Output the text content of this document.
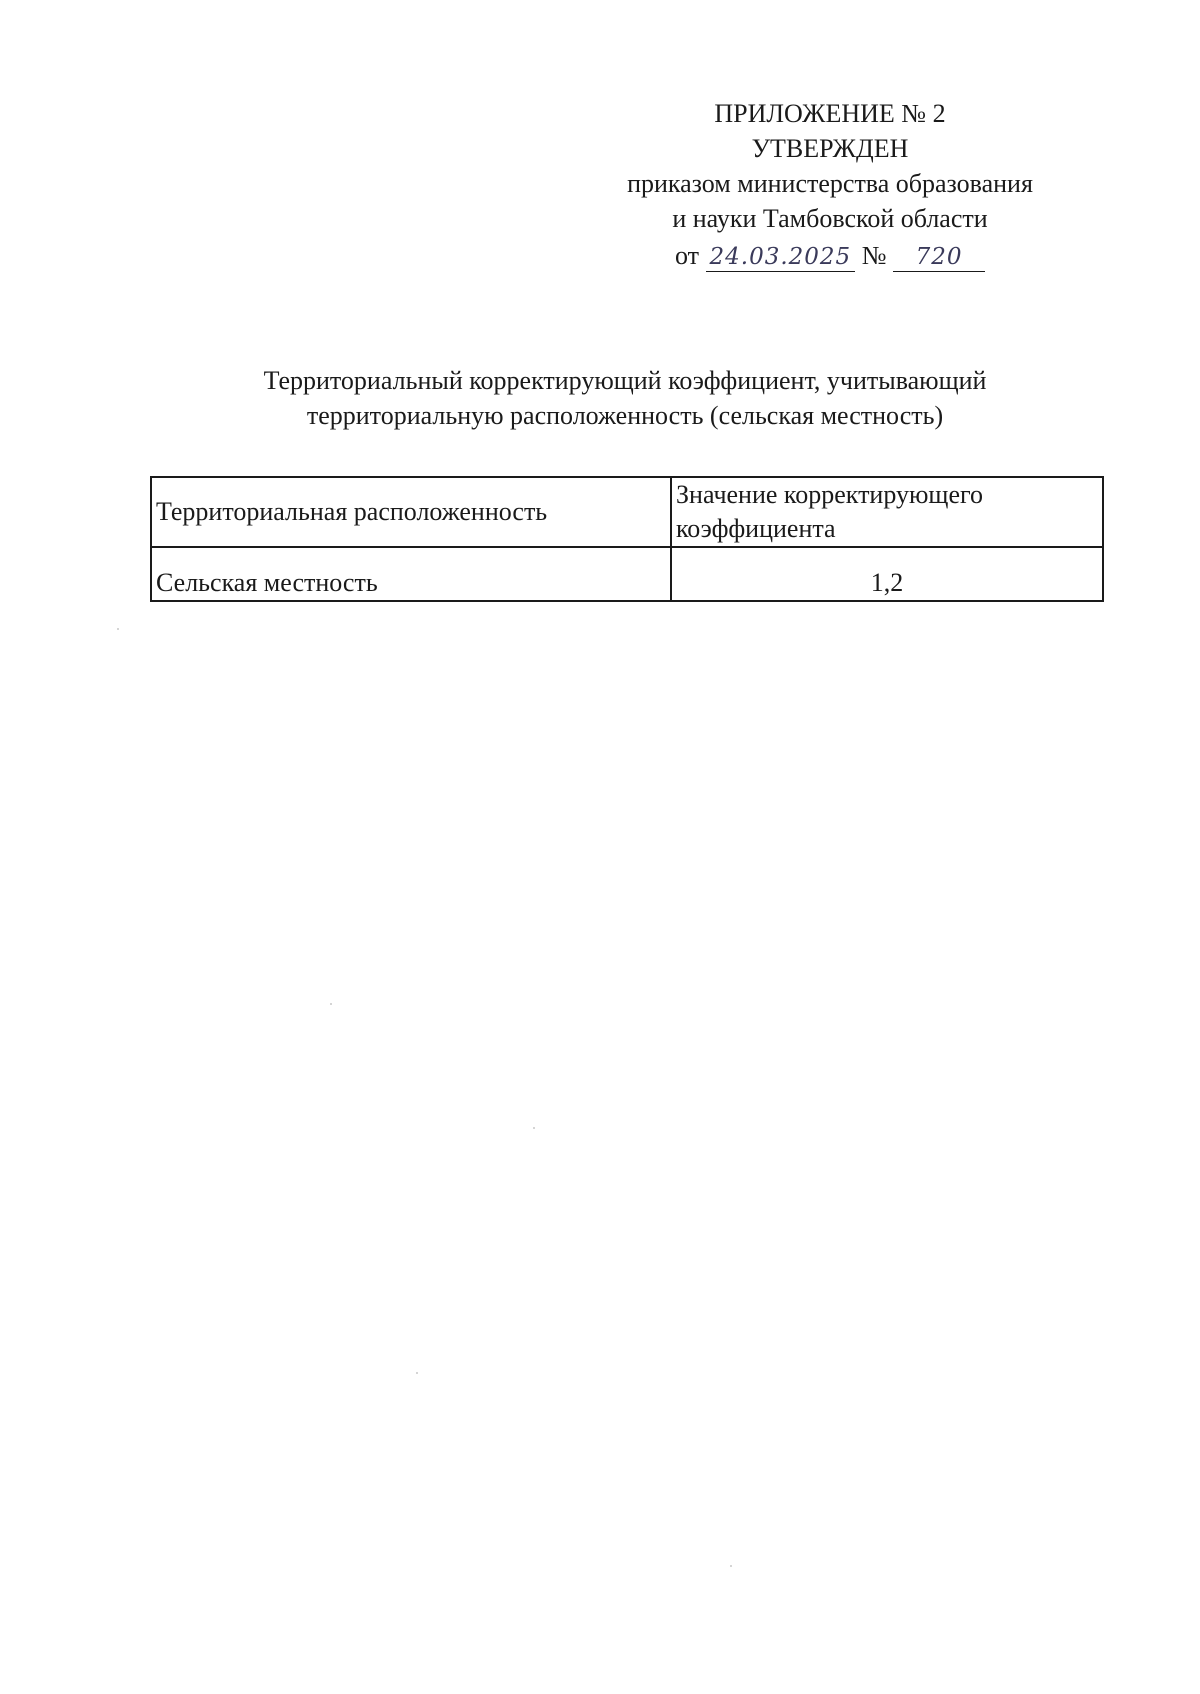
ПРИЛОЖЕНИЕ № 2
УТВЕРЖДЕН
приказом министерства образования
и науки Тамбовской области
от 24.03.2025 № 720
Территориальный корректирующий коэффициент, учитывающий
территориальную расположенность (сельская местность)
Территориальная расположенность	Значение корректирующего коэффициента
Сельская местность	1,2
